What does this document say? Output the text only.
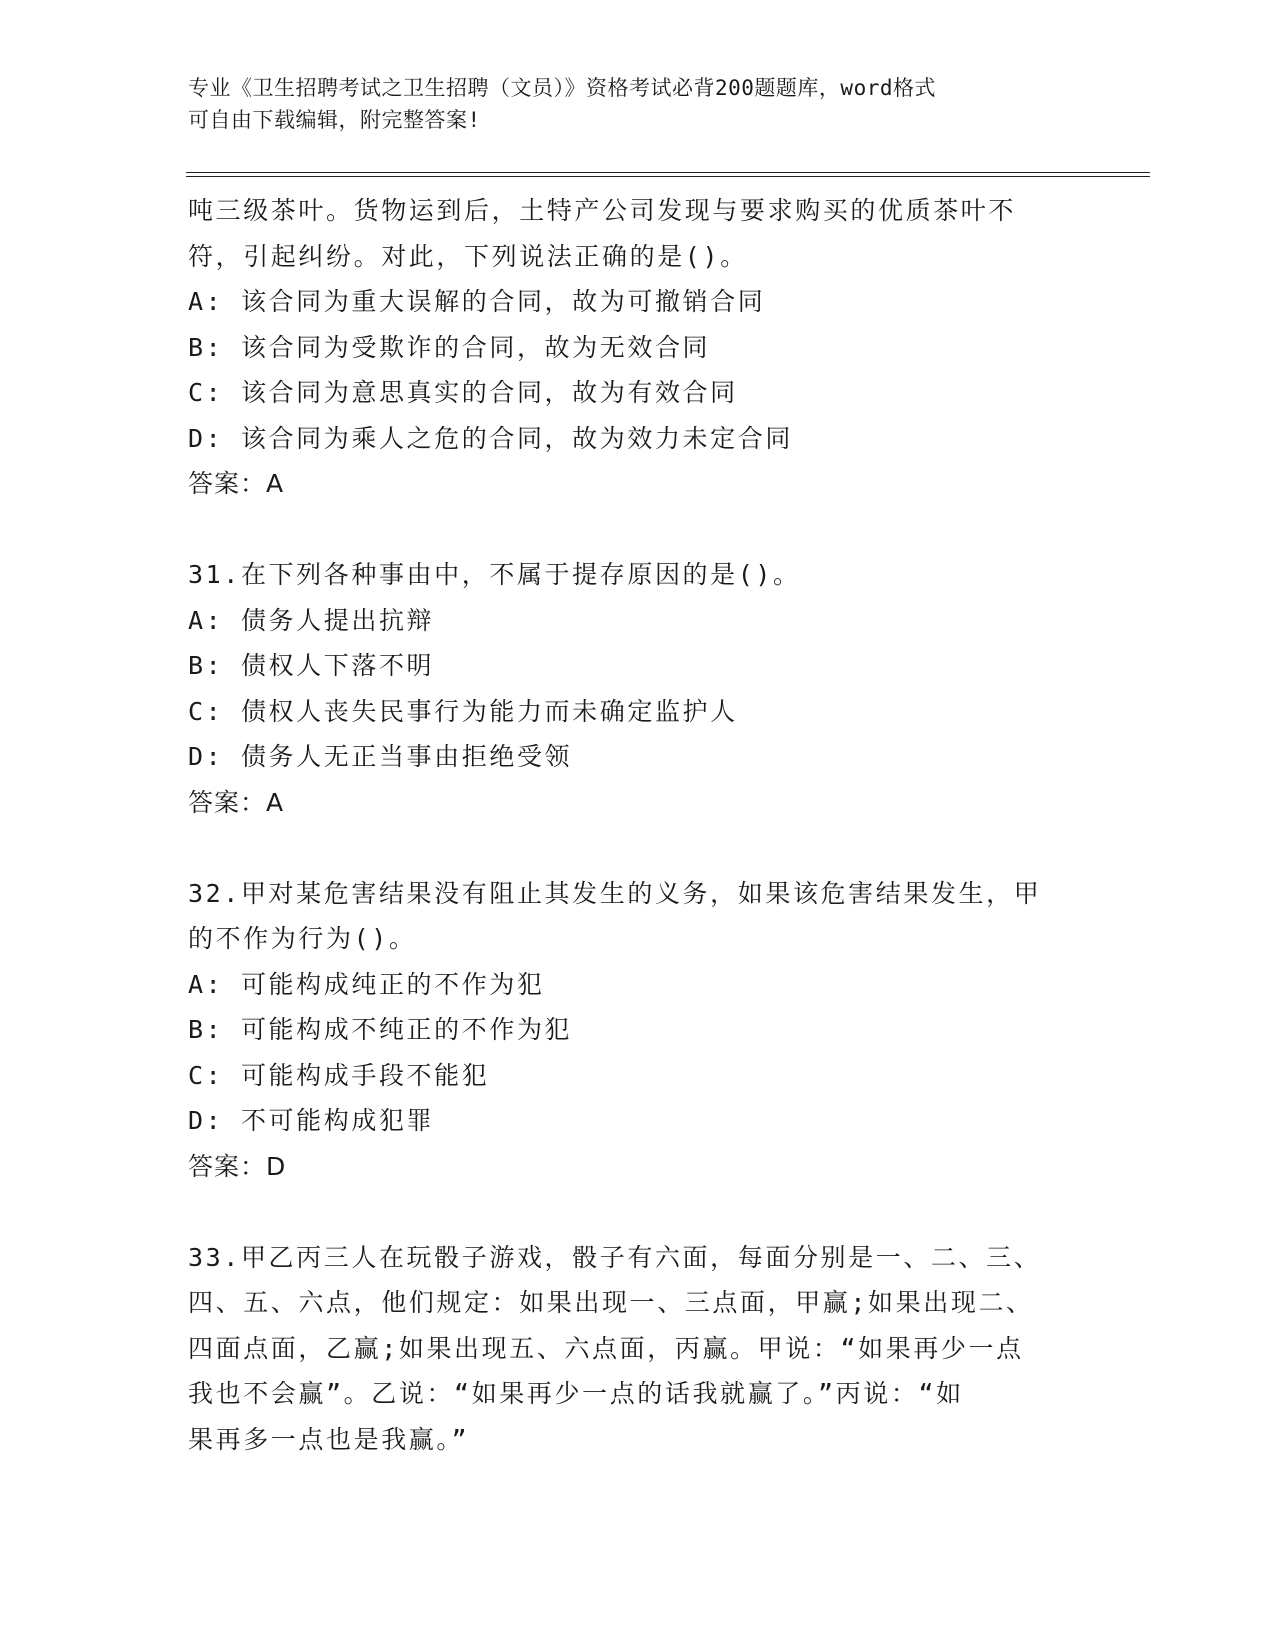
专业《卫生招聘考试之卫生招聘（文员）》资格考试必背200题题库，word格式
可自由下载编辑，附完整答案!
吨三级茶叶。货物运到后，土特产公司发现与要求购买的优质茶叶不
符，引起纠纷。对此，下列说法正确的是()。
A: 该合同为重大误解的合同，故为可撤销合同
B: 该合同为受欺诈的合同，故为无效合同
C: 该合同为意思真实的合同，故为有效合同
D: 该合同为乘人之危的合同，故为效力未定合同
答案：A
31.在下列各种事由中，不属于提存原因的是()。
A: 债务人提出抗辩
B: 债权人下落不明
C: 债权人丧失民事行为能力而未确定监护人
D: 债务人无正当事由拒绝受领
答案：A
32.甲对某危害结果没有阻止其发生的义务，如果该危害结果发生，甲
的不作为行为()。
A: 可能构成纯正的不作为犯
B: 可能构成不纯正的不作为犯
C: 可能构成手段不能犯
D: 不可能构成犯罪
答案：D
33.甲乙丙三人在玩骰子游戏，骰子有六面，每面分别是一、二、三、
四、五、六点，他们规定：如果出现一、三点面，甲赢;如果出现二、
四面点面，乙赢;如果出现五、六点面，丙赢。甲说：“如果再少一点
我也不会赢”。乙说：“如果再少一点的话我就赢了。”丙说：“如
果再多一点也是我赢。”
